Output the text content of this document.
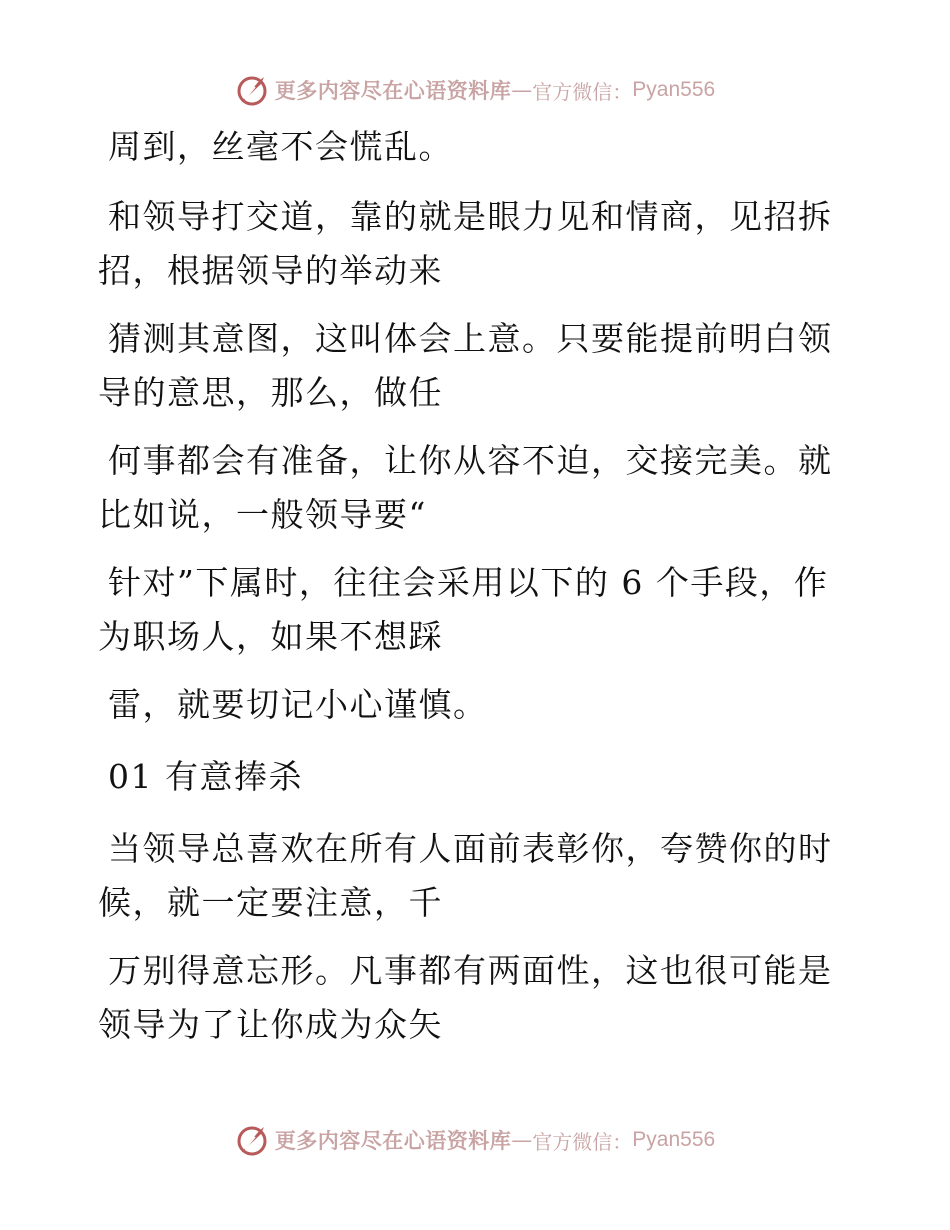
更多内容尽在心语资料库 — 官方微信： Pyan556
周到，丝毫不会慌乱。
和领导打交道，靠的就是眼力见和情商，见招拆
招，根据领导的举动来
猜测其意图，这叫体会上意。只要能提前明白领
导的意思，那么，做任
何事都会有准备，让你从容不迫，交接完美。就
比如说，一般领导要“
针对”下属时，往往会采用以下的 6 个手段，作
为职场人，如果不想踩
雷，就要切记小心谨慎。
01 有意捧杀
当领导总喜欢在所有人面前表彰你，夸赞你的时
候，就一定要注意，千
万别得意忘形。凡事都有两面性，这也很可能是
领导为了让你成为众矢
更多内容尽在心语资料库 — 官方微信： Pyan556
